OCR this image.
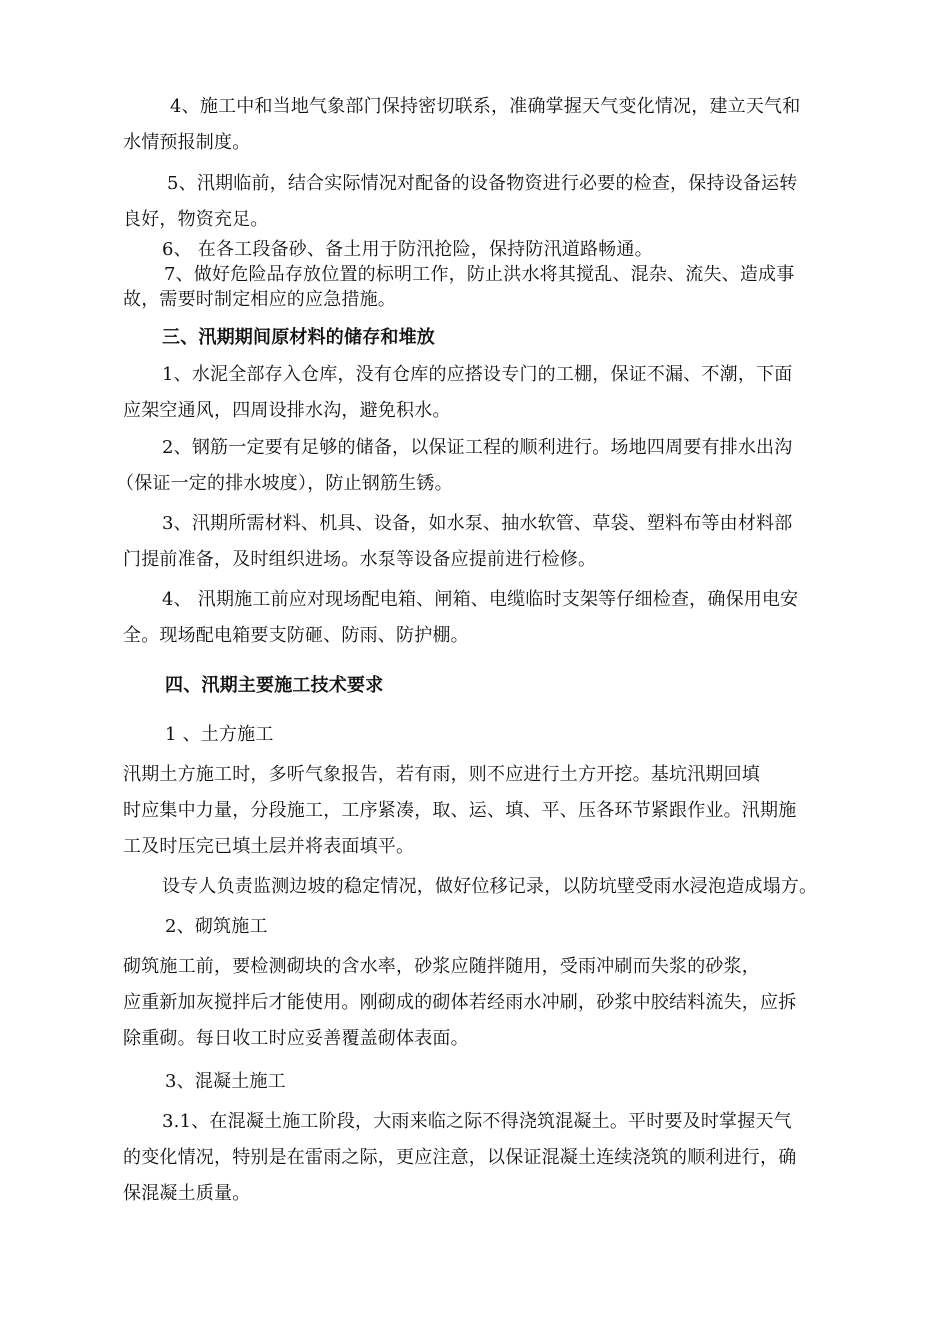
4、施工中和当地气象部门保持密切联系，准确掌握天气变化情况，建立天气和
水情预报制度。
5、汛期临前，结合实际情况对配备的设备物资进行必要的检查，保持设备运转
良好，物资充足。
6、 在各工段备砂、备土用于防汛抢险，保持防汛道路畅通。
7、做好危险品存放位置的标明工作，防止洪水将其搅乱、混杂、流失、造成事
故，需要时制定相应的应急措施。
三、汛期期间原材料的储存和堆放
1、水泥全部存入仓库，没有仓库的应搭设专门的工棚，保证不漏、不潮，下面
应架空通风，四周设排水沟，避免积水。
2、钢筋一定要有足够的储备，以保证工程的顺利进行。场地四周要有排水出沟
（保证一定的排水坡度），防止钢筋生锈。
3、汛期所需材料、机具、设备，如水泵、抽水软管、草袋、塑料布等由材料部
门提前准备，及时组织进场。水泵等设备应提前进行检修。
4、 汛期施工前应对现场配电箱、闸箱、电缆临时支架等仔细检查，确保用电安
全。现场配电箱要支防砸、防雨、防护棚。
四、汛期主要施工技术要求
1 、土方施工
汛期土方施工时，多听气象报告，若有雨，则不应进行土方开挖。基坑汛期回填
时应集中力量，分段施工，工序紧凑，取、运、填、平、压各环节紧跟作业。汛期施
工及时压完已填土层并将表面填平。
设专人负责监测边坡的稳定情况，做好位移记录，以防坑壁受雨水浸泡造成塌方。
2、砌筑施工
砌筑施工前，要检测砌块的含水率，砂浆应随拌随用，受雨冲刷而失浆的砂浆，
应重新加灰搅拌后才能使用。刚砌成的砌体若经雨水冲刷，砂浆中胶结料流失，应拆
除重砌。每日收工时应妥善覆盖砌体表面。
3、混凝土施工
3.1、在混凝土施工阶段，大雨来临之际不得浇筑混凝土。平时要及时掌握天气
的变化情况，特别是在雷雨之际，更应注意，以保证混凝土连续浇筑的顺利进行，确
保混凝土质量。
